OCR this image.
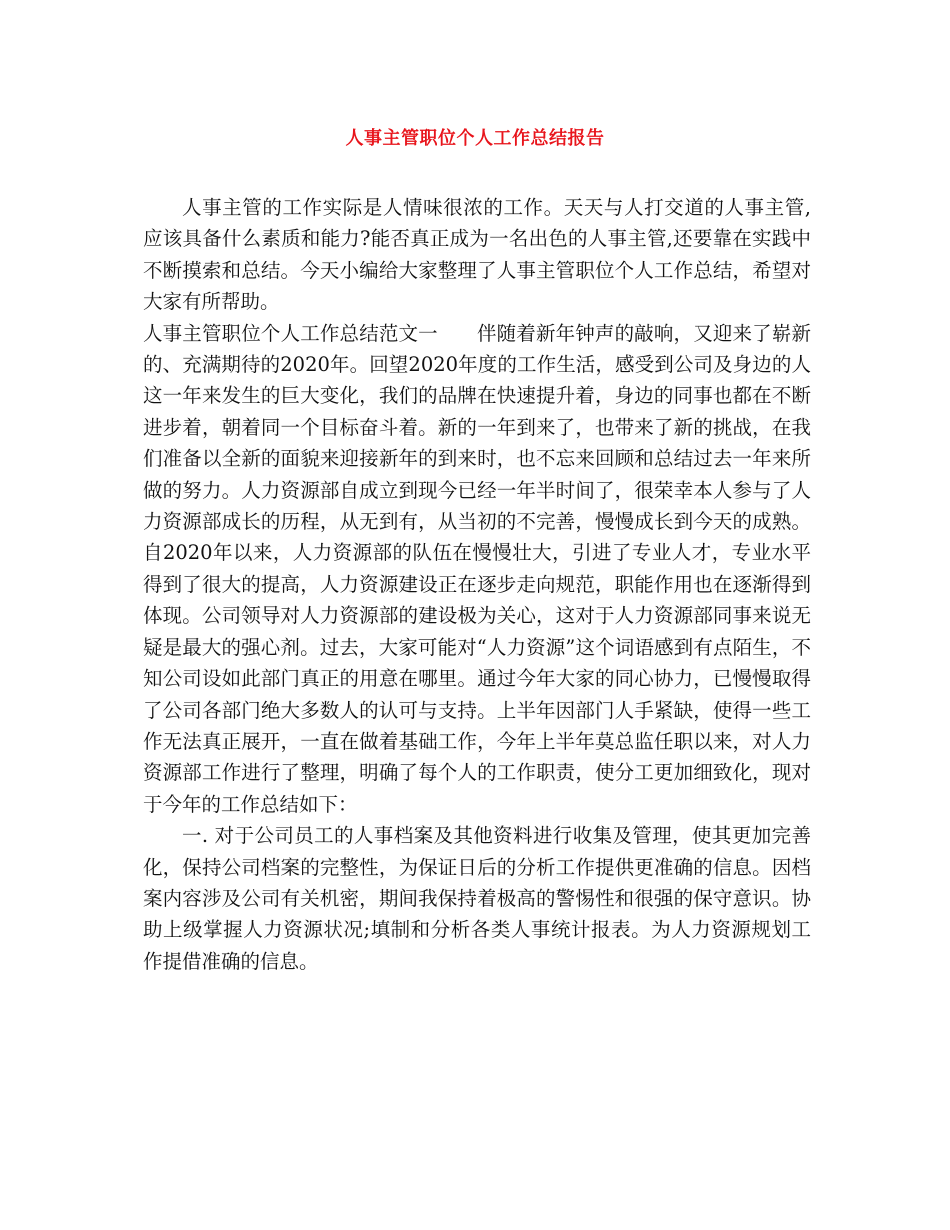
人事主管职位个人工作总结报告

人事主管的工作实际是人情味很浓的工作。天天与人打交道的人事主管,应该具备什么素质和能力?能否真正成为一名出色的人事主管,还要靠在实践中不断摸索和总结。今天小编给大家整理了人事主管职位个人工作总结，希望对大家有所帮助。

人事主管职位个人工作总结范文一 伴随着新年钟声的敲响，又迎来了崭新的、充满期待的2020年。回望2020年度的工作生活，感受到公司及身边的人这一年来发生的巨大变化，我们的品牌在快速提升着，身边的同事也都在不断进步着，朝着同一个目标奋斗着。新的一年到来了，也带来了新的挑战，在我们准备以全新的面貌来迎接新年的到来时，也不忘来回顾和总结过去一年来所做的努力。人力资源部自成立到现今已经一年半时间了，很荣幸本人参与了人力资源部成长的历程，从无到有，从当初的不完善，慢慢成长到今天的成熟。自2020年以来，人力资源部的队伍在慢慢壮大，引进了专业人才，专业水平得到了很大的提高，人力资源建设正在逐步走向规范，职能作用也在逐渐得到体现。公司领导对人力资源部的建设极为关心，这对于人力资源部同事来说无疑是最大的强心剂。过去，大家可能对“人力资源”这个词语感到有点陌生，不知公司设如此部门真正的用意在哪里。通过今年大家的同心协力，已慢慢取得了公司各部门绝大多数人的认可与支持。上半年因部门人手紧缺，使得一些工作无法真正展开，一直在做着基础工作，今年上半年莫总监任职以来，对人力资源部工作进行了整理，明确了每个人的工作职责，使分工更加细致化，现对于今年的工作总结如下：

一. 对于公司员工的人事档案及其他资料进行收集及管理，使其更加完善化，保持公司档案的完整性，为保证日后的分析工作提供更准确的信息。因档案内容涉及公司有关机密，期间我保持着极高的警惕性和很强的保守意识。协助上级掌握人力资源状况;填制和分析各类人事统计报表。为人力资源规划工作提借准确的信息。
